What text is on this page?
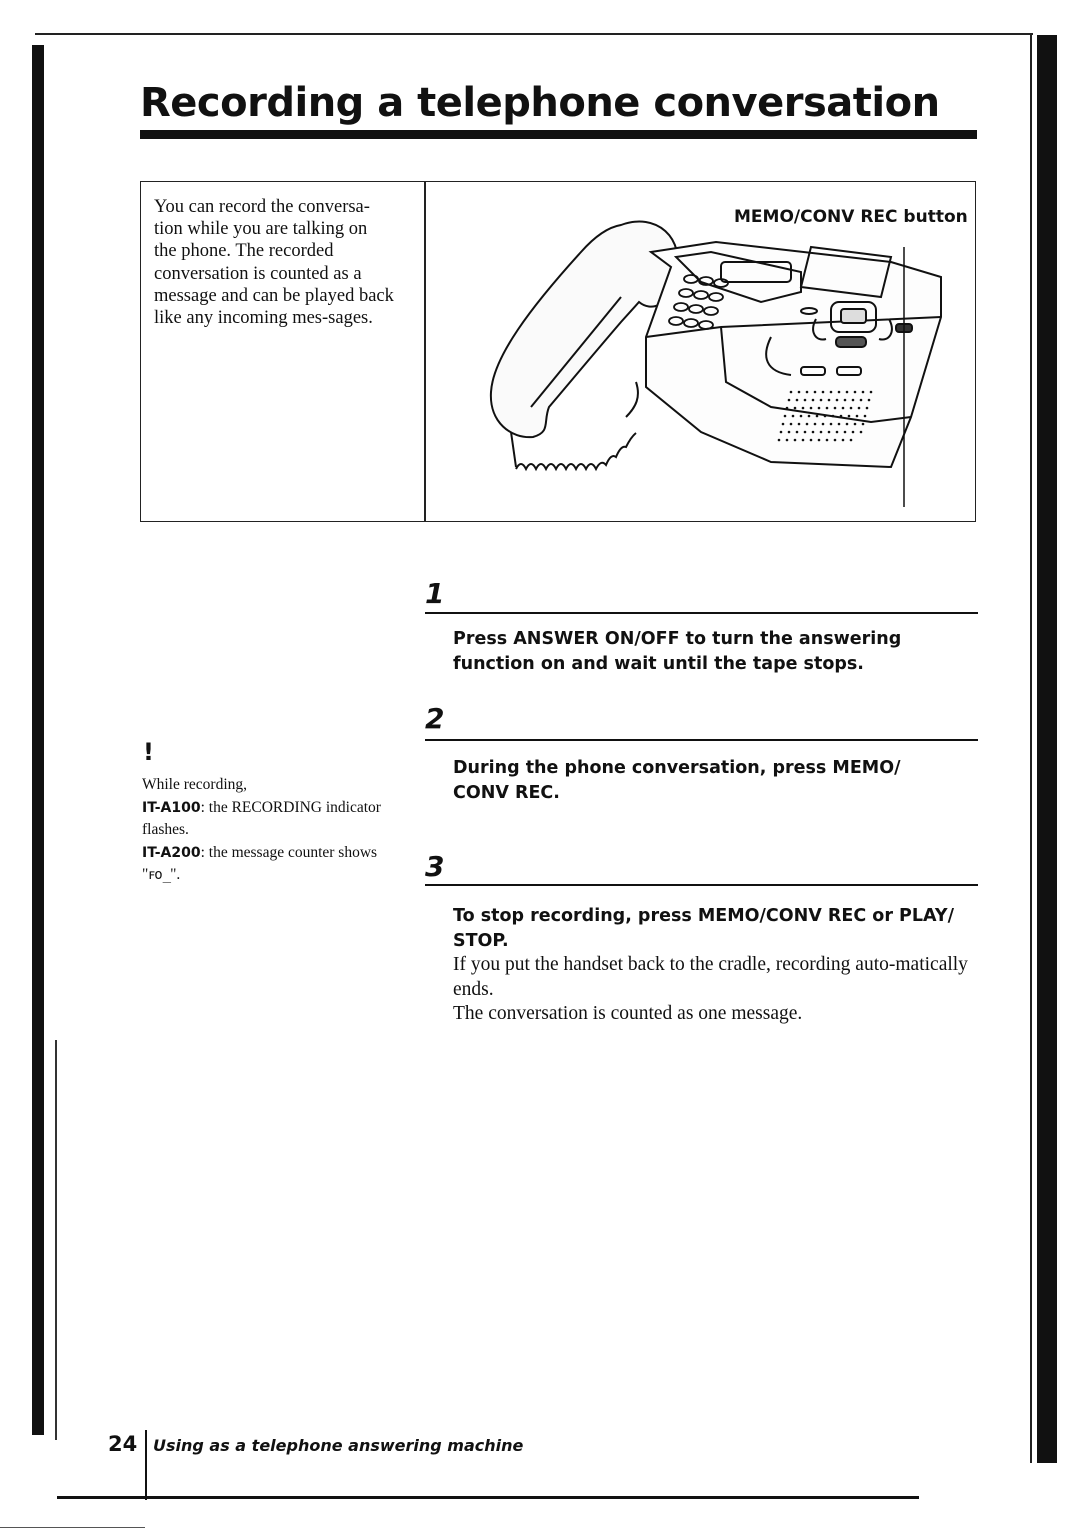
Recording a telephone conversation

You can record the conversa-tion while you are talking on the phone. The recorded conversation is counted as a message and can be played back like any incoming mes-sages.

MEMO/CONV REC button
!
While recording,
IT-A100: the RECORDING indicator flashes.
IT-A200: the message counter shows "ꜰo̲".
1

Press ANSWER ON/OFF to turn the answering function on and wait until the tape stops.

2

During the phone conversation, press MEMO/ CONV REC.

3

To stop recording, press MEMO/CONV REC or PLAY/ STOP.

If you put the handset back to the cradle, recording auto-matically ends.

The conversation is counted as one message.

24 Using as a telephone answering machine
